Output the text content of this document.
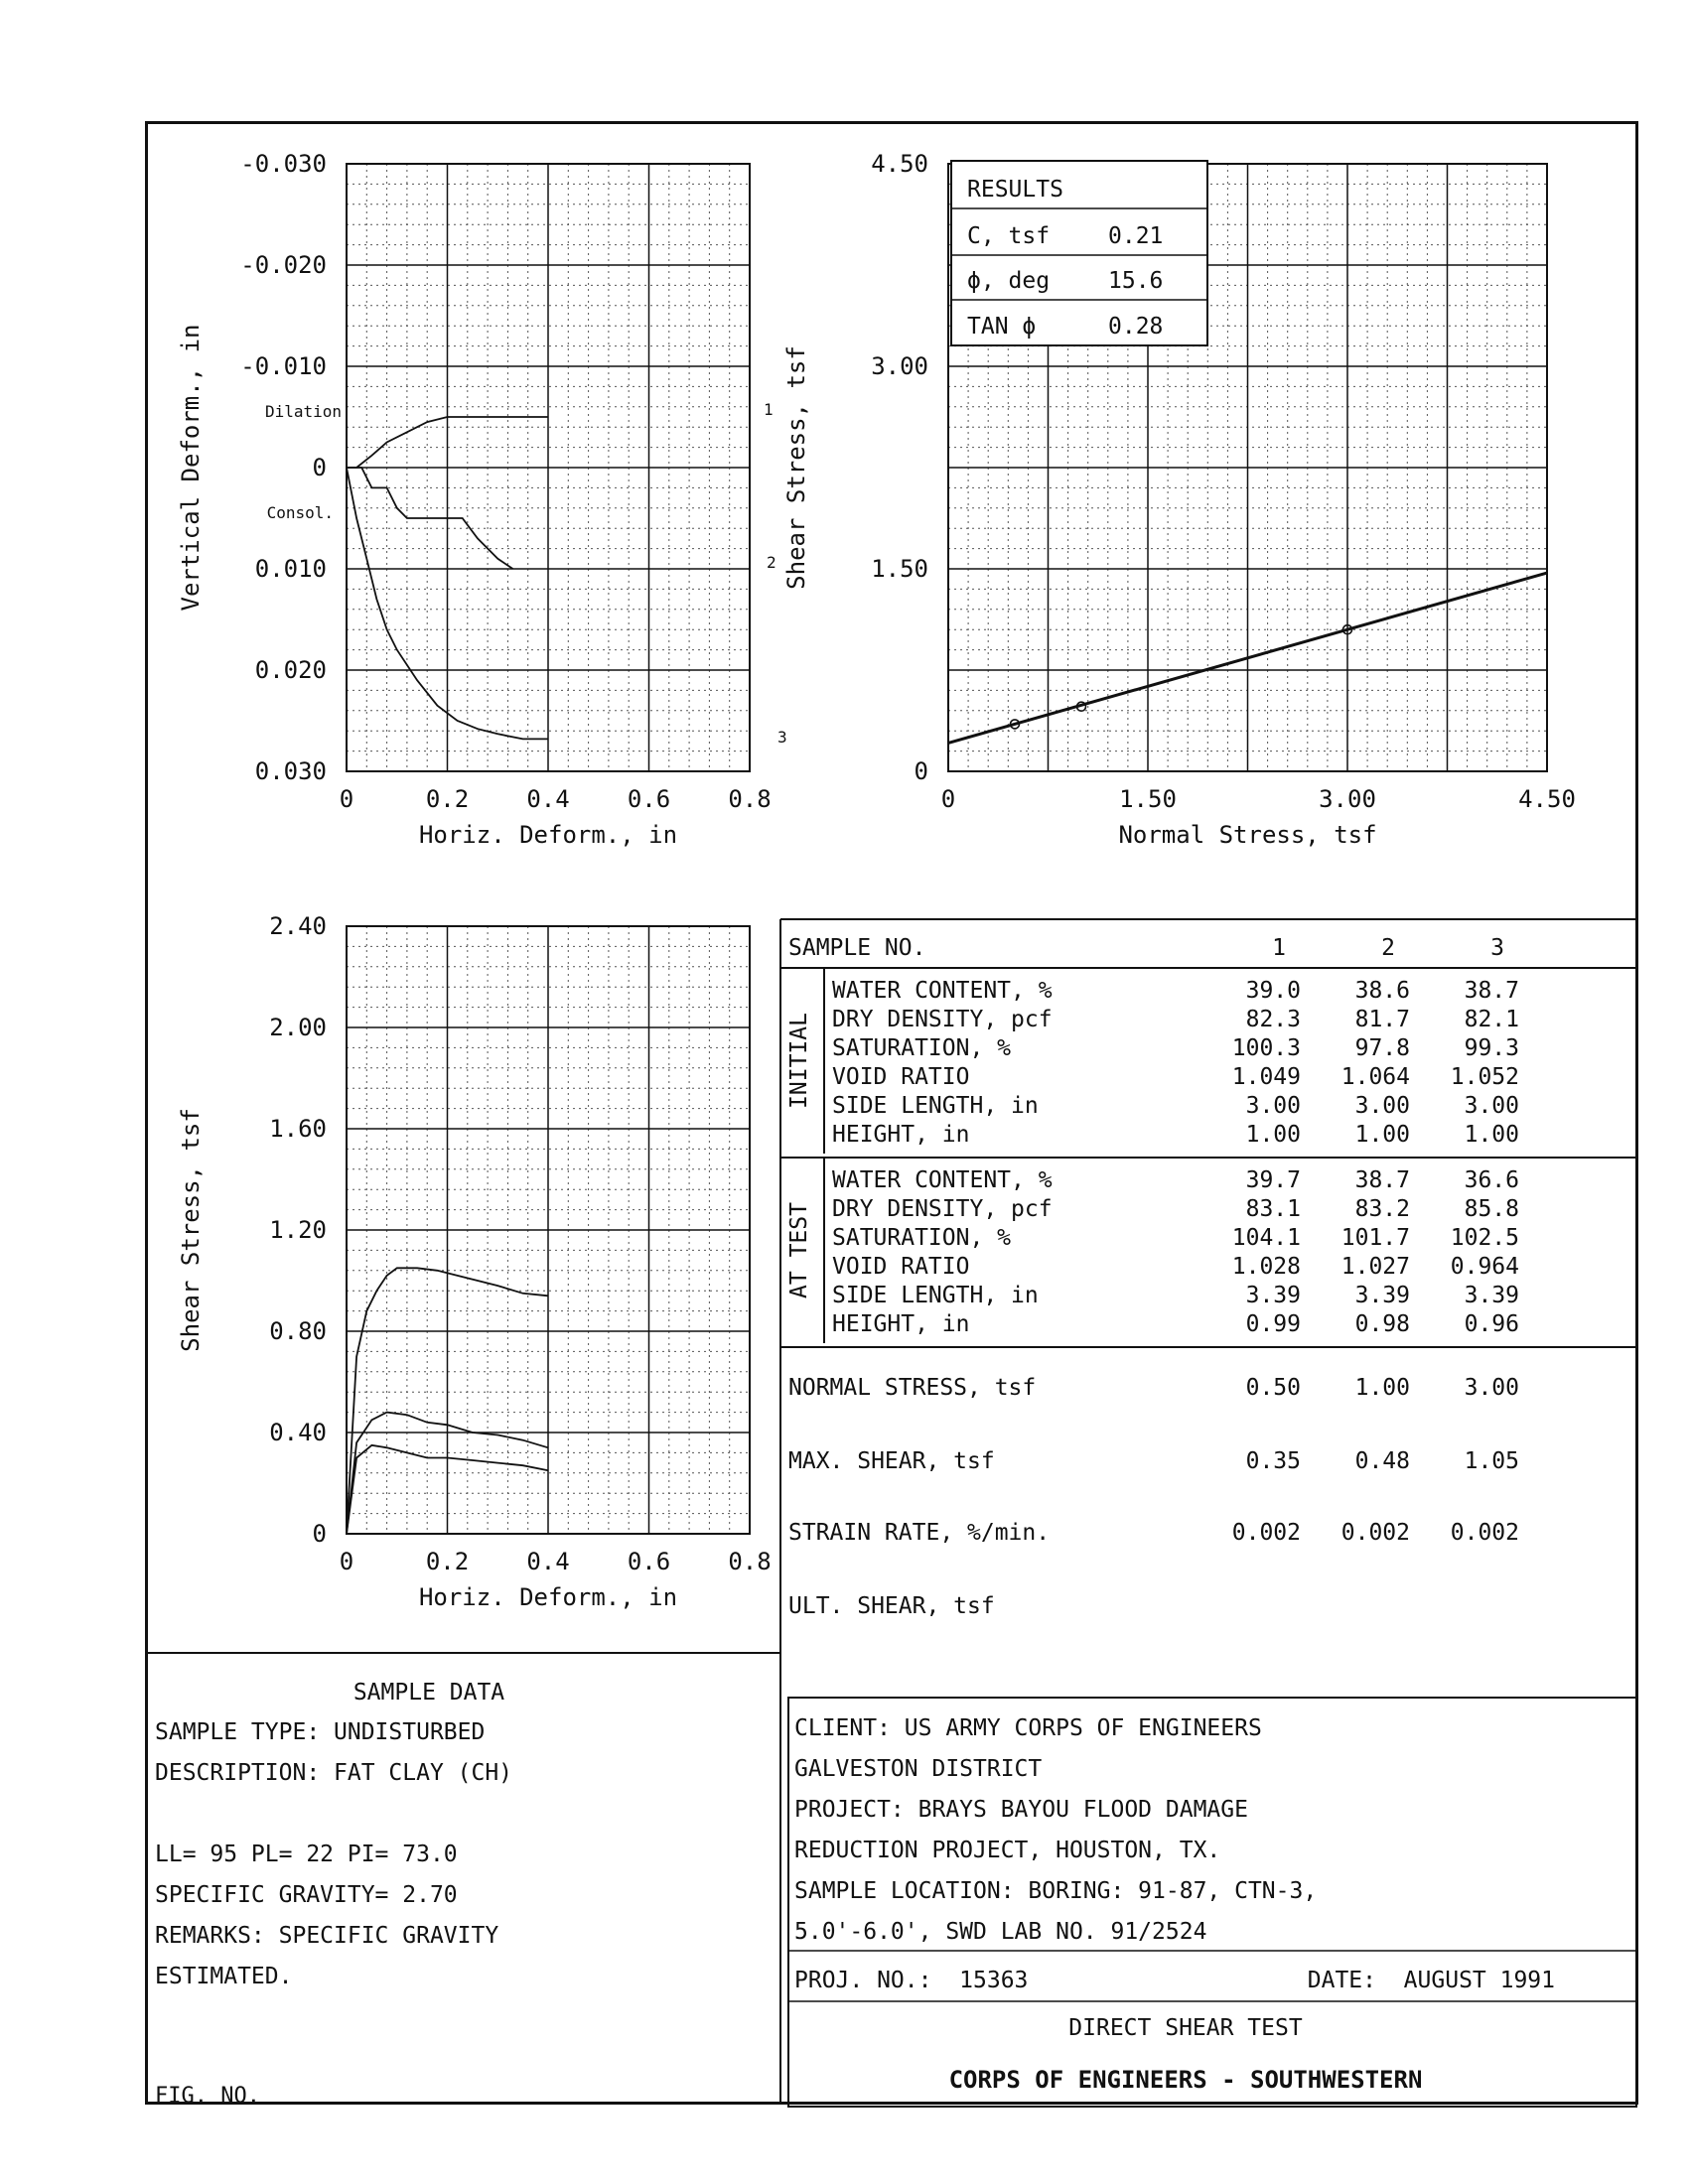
0	0.2 0.4 0.6 0.8
-0.030
-0.020
-0.010
0
0.010
0.020
0.030
Horiz. Deform., in
Vertical Deform., in	Dilation
Consol.
1
2
3
0	1.50	3.00	4.50
0
1.50
3.00
4.50
Normal Stress, tsf
Shear Stress, tsf
0	0.2 0.4 0.6 0.8
0
0.40
0.80
1.20
1.60
2.00
2.40
Horiz. Deform., in
Shear Stress, tsf
RESULTS
C, tsf	0.21
ϕ, deg	15.6
TAN ϕ	0.28
SAMPLE NO.	1	2	3
WATER CONTENT, %	39.0 38.6 38.7
DRY DENSITY, pcf	82.3 81.7 82.1
SATURATION, %	100.3 97.8 99.3
VOID RATIO	1.049 1.064 1.052
SIDE LENGTH, in	3.00 3.00 3.00
HEIGHT, in	1.00 1.00 1.00
INITIAL
WATER CONTENT, %	39.7 38.7 36.6
DRY DENSITY, pcf	83.1 83.2 85.8
SATURATION, %	104.1 101.7 102.5
VOID RATIO	1.028 1.027 0.964
SIDE LENGTH, in	3.39 3.39 3.39
HEIGHT, in	0.99 0.98 0.96
AT TEST
NORMAL STRESS, tsf	0.50 1.00 3.00
MAX. SHEAR, tsf	0.35 0.48 1.05
STRAIN RATE, %/min.	0.002 0.002 0.002
ULT. SHEAR, tsf
SAMPLE DATA
SAMPLE TYPE: UNDISTURBED
DESCRIPTION: FAT CLAY (CH)
LL= 95 PL= 22 PI= 73.0
SPECIFIC GRAVITY= 2.70
REMARKS: SPECIFIC GRAVITY
ESTIMATED.
FIG. NO.
CLIENT: US ARMY CORPS OF ENGINEERS
GALVESTON DISTRICT
PROJECT: BRAYS BAYOU FLOOD DAMAGE
REDUCTION PROJECT, HOUSTON, TX.
SAMPLE LOCATION: BORING: 91-87, CTN-3,
5.0'-6.0', SWD LAB NO. 91/2524
PROJ. NO.:  15363	DATE:  AUGUST 1991
DIRECT SHEAR TEST
CORPS OF ENGINEERS - SOUTHWESTERN
